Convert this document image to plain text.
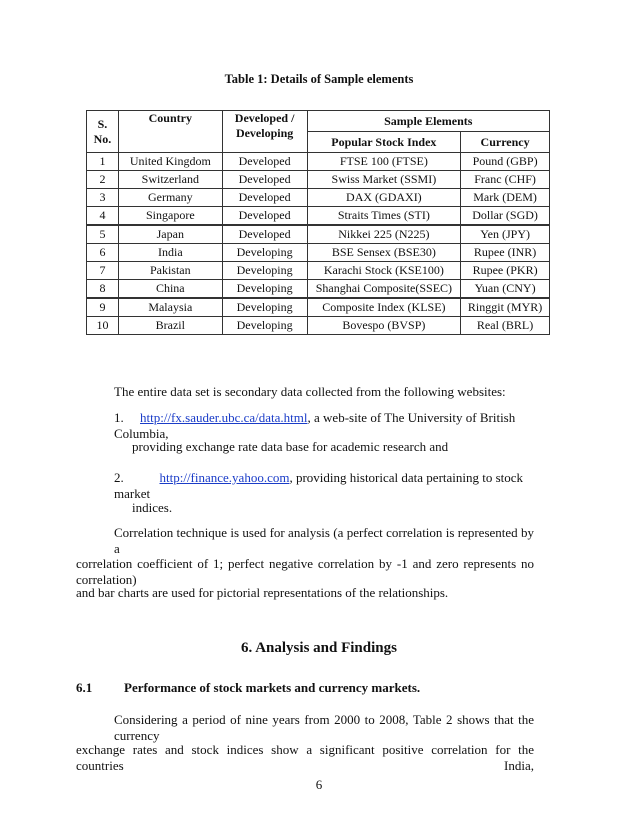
Table 1: Details of Sample elements
S. No.	Country	Developed / Developing	Sample Elements	
			Popular Stock Index	Currency
1	United Kingdom	Developed	FTSE 100 (FTSE)	Pound (GBP)
2	Switzerland	Developed	Swiss Market (SSMI)	Franc (CHF)
3	Germany	Developed	DAX (GDAXI)	Mark (DEM)
4	Singapore	Developed	Straits Times (STI)	Dollar (SGD)
5	Japan	Developed	Nikkei 225 (N225)	Yen (JPY)
6	India	Developing	BSE Sensex (BSE30)	Rupee (INR)
7	Pakistan	Developing	Karachi Stock (KSE100)	Rupee (PKR)
8	China	Developing	Shanghai Composite(SSEC)	Yuan (CNY)
9	Malaysia	Developing	Composite Index (KLSE)	Ringgit (MYR)
10	Brazil	Developing	Bovespo (BVSP)	Real (BRL)
The entire data set is secondary data collected from the following websites:
1. http://fx.sauder.ubc.ca/data.html, a web-site of The University of British Columbia,
providing exchange rate data base for academic research and
2.	http://finance.yahoo.com, providing historical data pertaining to stock market
indices.
Correlation technique is used for analysis (a perfect correlation is represented by a
correlation coefficient of 1; perfect negative correlation by -1 and zero represents no correlation)
and bar charts are used for pictorial representations of the relationships.
6. Analysis and Findings
6.1 Performance of stock markets and currency markets.
Considering a period of nine years from 2000 to 2008, Table 2 shows that the currency
exchange rates and stock indices show a significant positive correlation for the countries India,
6
